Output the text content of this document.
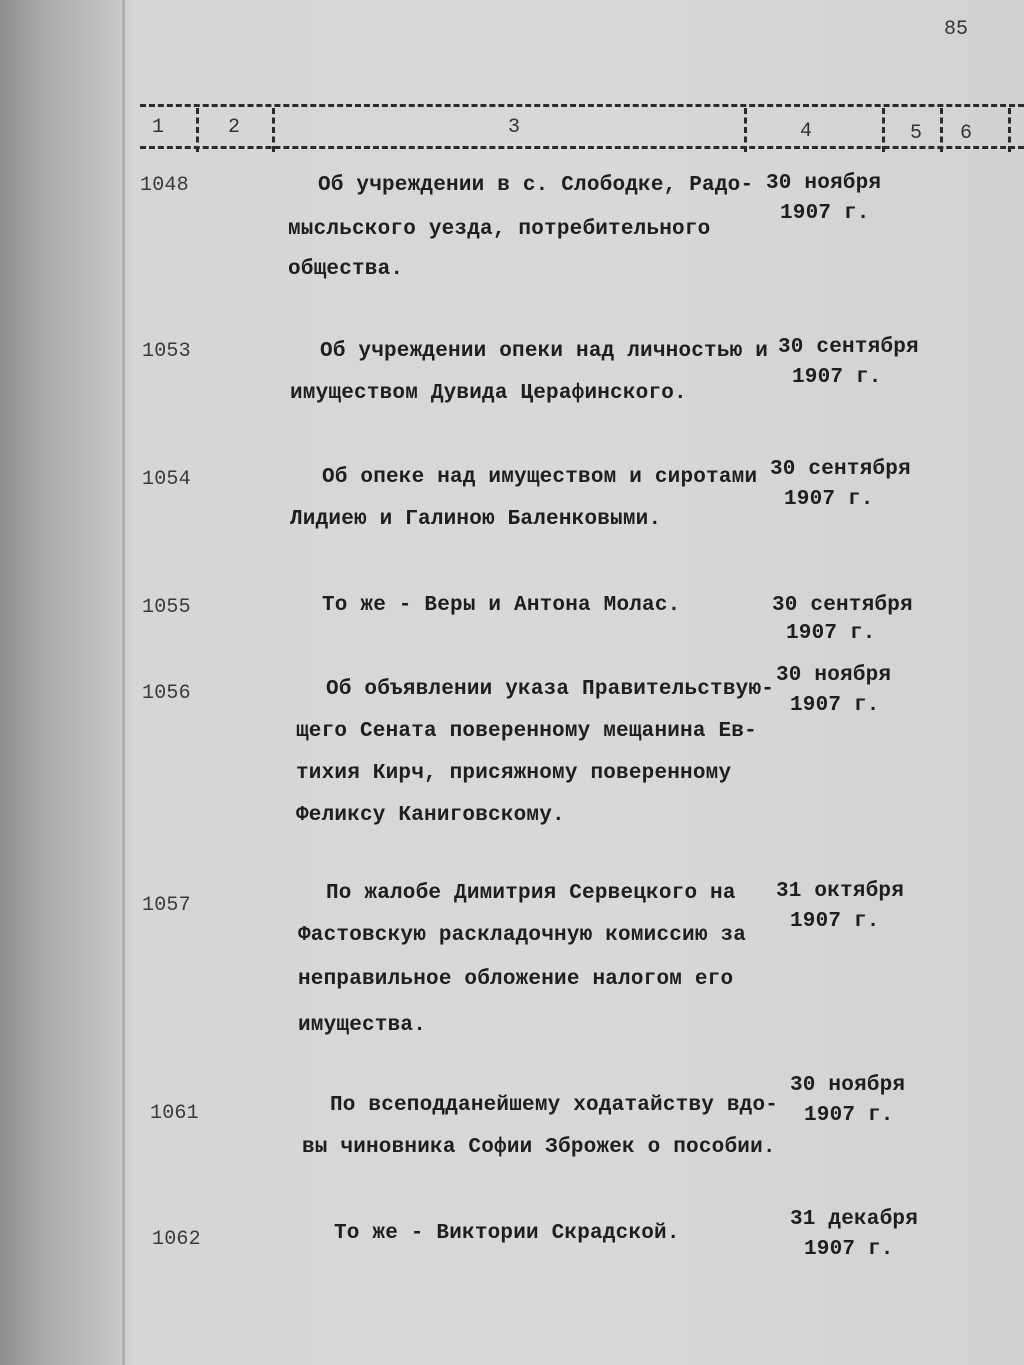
85
1	2	3	4	5 6
1048	Об учреждении в с. Слободке, Радо-
мысльского уезда, потребительного
общества.
30 ноября
1907 г.
1053	Об учреждении опеки над личностью и
имуществом Дувида Церафинского.
30 сентября
1907 г.
1054	Об опеке над имуществом и сиротами
Лидиею и Галиною Баленковыми.
30 сентября
1907 г.
1055	То же - Веры и Антона Молас.	30 сентября
1907 г.
1056	Об объявлении указа Правительствую-
щего Сената поверенному мещанина Ев-
тихия Кирч, присяжному поверенному
Феликсу Каниговскому.
30 ноября
1907 г.
1057
По жалобе Димитрия Сервецкого на
Фастовскую раскладочную комиссию за
неправильное обложение налогом его
имущества.
31 октября
1907 г.
1061	По всеподданейшему ходатайству вдо-
вы чиновника Софии Зброжек о пособии.
30 ноября
1907 г.
1062	То же - Виктории Скрадской.
31 декабря
1907 г.
